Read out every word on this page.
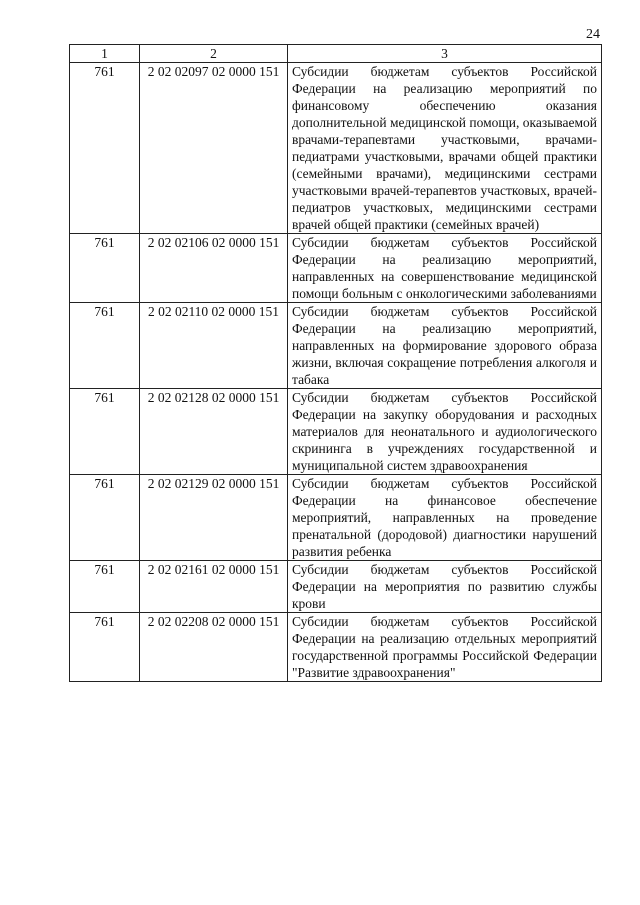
24
1	2	3
761	2 02 02097 02 0000 151	Субсидии бюджетам субъектов Российской Федерации на реализацию мероприятий по финансовому обеспечению оказания дополнительной медицинской помощи, оказываемой врачами-терапевтами участковыми, врачами-педиатрами участковыми, врачами общей практики (семейными врачами), медицинскими сестрами участковыми врачей-терапевтов участковых, врачей-педиатров участковых, медицинскими сестрами врачей общей практики (семейных врачей)
761	2 02 02106 02 0000 151	Субсидии бюджетам субъектов Российской Федерации на реализацию мероприятий, направленных на совершенствование медицинской помощи больным с онкологическими заболеваниями
761	2 02 02110 02 0000 151	Субсидии бюджетам субъектов Российской Федерации на реализацию мероприятий, направленных на формирование здорового образа жизни, включая сокращение потребления алкоголя и табака
761	2 02 02128 02 0000 151	Субсидии бюджетам субъектов Российской Федерации на закупку оборудования и расходных материалов для неонатального и аудиологического скрининга в учреждениях государственной и муниципальной систем здравоохранения
761	2 02 02129 02 0000 151	Субсидии бюджетам субъектов Российской Федерации на финансовое обеспечение мероприятий, направленных на проведение пренатальной (дородовой) диагностики нарушений развития ребенка
761	2 02 02161 02 0000 151	Субсидии бюджетам субъектов Российской Федерации на мероприятия по развитию службы крови
761	2 02 02208 02 0000 151	Субсидии бюджетам субъектов Российской Федерации на реализацию отдельных мероприятий государственной программы Российской Федерации "Развитие здравоохранения"
